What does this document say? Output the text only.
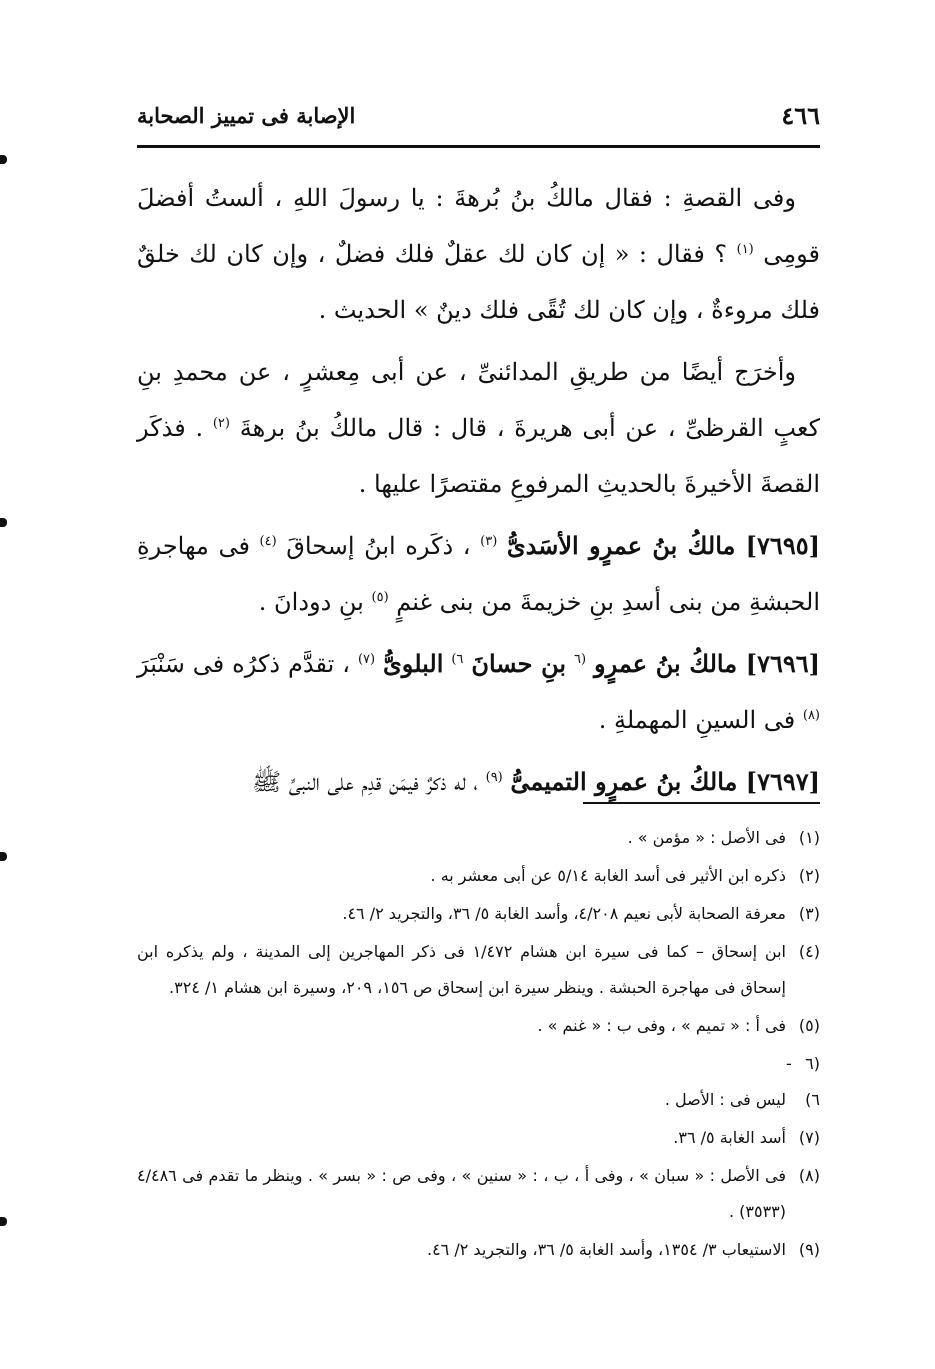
٤٦٦
الإصابة فى تمييز الصحابة

وفى القصةِ : فقال مالكُ بنُ بُرهةَ : يا رسولَ اللهِ ، ألستُ أفضلَ قومِى $^{(١)}$ ؟ فقال : « إن كان لك عقلٌ فلك فضلٌ ، وإن كان لك خلقٌ فلك مروءةٌ ، وإن كان لك تُقًى فلك دينٌ » الحديث .

وأخرَج أيضًا من طريقِ المدائنىِّ ، عن أبى مِعشرٍ ، عن محمدِ بنِ كعبٍ القرظىِّ ، عن أبى هريرةَ ، قال : قال مالكُ بنُ برهةَ $^{(٢)}$ . فذكَر القصةَ الأخيرةَ بالحديثِ المرفوعِ مقتصرًا عليها .

[٧٦٩٥] مالكُ بنُ عمرٍو الأسَدىُّ $^{(٣)}$ ، ذكَره ابنُ إسحاقَ $^{(٤)}$ فى مهاجرةِ الحبشةِ من بنى أسدِ بنِ خزيمةَ من بنى غنمٍ $^{(٥)}$ بنِ دودانَ .

[٧٦٩٦] مالكُ بنُ عمرٍو $^{(٦}$ بنِ حسانَ $^{٦)}$ البلوىُّ $^{(٧)}$ ، تقدَّم ذكرُه فى سَنْبَرَ $^{(٨)}$ فى السينِ المهملةِ .

[٧٦٩٧] مالكُ بنُ عمرٍو التميمىُّ $^{(٩)}$ ، له ذكرٌ فيمَن قدِم على النبىِّ ﷺ

(١)فى الأصل : « مؤمن » .
(٢)ذكره ابن الأثير فى أسد الغابة ٥/١٤ عن أبى معشر به .
(٣)معرفة الصحابة لأبى نعيم ٤/٢٠٨، وأسد الغابة ٥/ ٣٦، والتجريد ٢/ ٤٦.
(٤)ابن إسحاق – كما فى سيرة ابن هشام ١/٤٧٢ فى ذكر المهاجرين إلى المدينة ، ولم يذكره ابن إسحاق فى مهاجرة الحبشة . وينظر سيرة ابن إسحاق ص ١٥٦، ٢٠٩، وسيرة ابن هشام ١/ ٣٢٤.
(٥)فى أ : « تميم » ، وفى ب : « غنم » .
(٦ - ٦)ليس فى : الأصل .
(٧)أسد الغابة ٥/ ٣٦.
(٨)فى الأصل : « سبان » ، وفى أ ، ب ، : « سنين » ، وفى ص : « بسر » . وينظر ما تقدم فى ٤/٤٨٦ (٣٥٣٣) .
(٩)الاستيعاب ٣/ ١٣٥٤، وأسد الغابة ٥/ ٣٦، والتجريد ٢/ ٤٦.
